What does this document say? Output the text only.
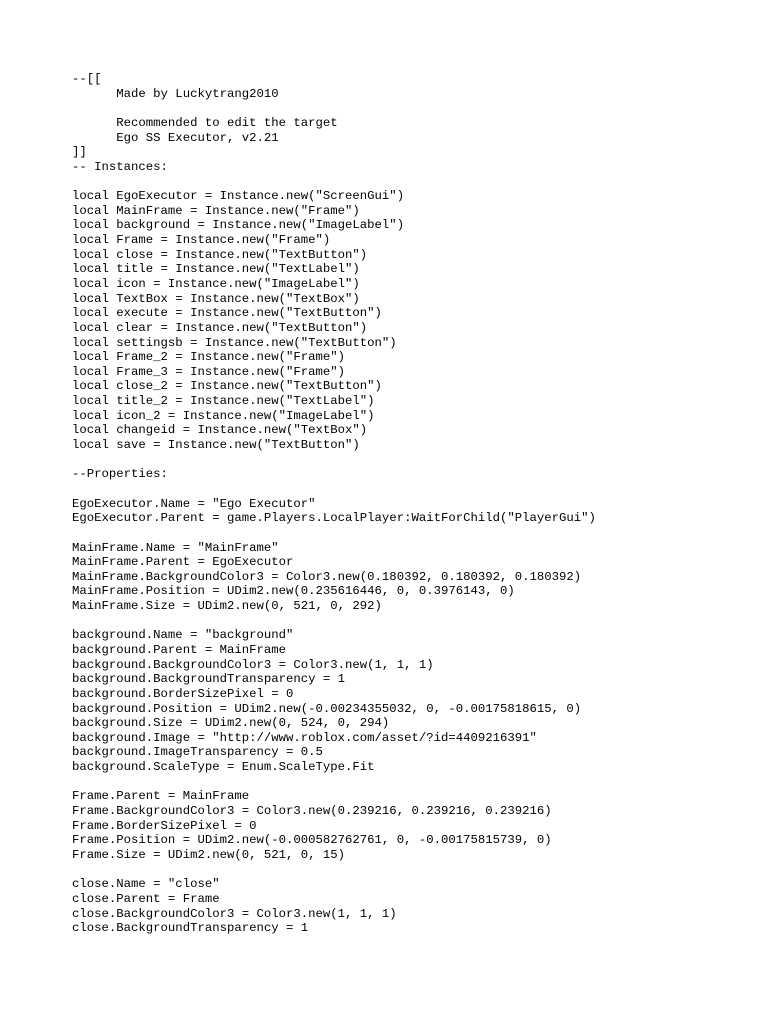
--[[
Made by Luckytrang2010
Recommended to edit the target
Ego SS Executor, v2.21
]]
-- Instances:
local EgoExecutor = Instance.new("ScreenGui")
local MainFrame = Instance.new("Frame")
local background = Instance.new("ImageLabel")
local Frame = Instance.new("Frame")
local close = Instance.new("TextButton")
local title = Instance.new("TextLabel")
local icon = Instance.new("ImageLabel")
local TextBox = Instance.new("TextBox")
local execute = Instance.new("TextButton")
local clear = Instance.new("TextButton")
local settingsb = Instance.new("TextButton")
local Frame_2 = Instance.new("Frame")
local Frame_3 = Instance.new("Frame")
local close_2 = Instance.new("TextButton")
local title_2 = Instance.new("TextLabel")
local icon_2 = Instance.new("ImageLabel")
local changeid = Instance.new("TextBox")
local save = Instance.new("TextButton")
--Properties:
EgoExecutor.Name = "Ego Executor"
EgoExecutor.Parent = game.Players.LocalPlayer:WaitForChild("PlayerGui")
MainFrame.Name = "MainFrame"
MainFrame.Parent = EgoExecutor
MainFrame.BackgroundColor3 = Color3.new(0.180392, 0.180392, 0.180392)
MainFrame.Position = UDim2.new(0.235616446, 0, 0.3976143, 0)
MainFrame.Size = UDim2.new(0, 521, 0, 292)
background.Name = "background"
background.Parent = MainFrame
background.BackgroundColor3 = Color3.new(1, 1, 1)
background.BackgroundTransparency = 1
background.BorderSizePixel = 0
background.Position = UDim2.new(-0.00234355032, 0, -0.00175818615, 0)
background.Size = UDim2.new(0, 524, 0, 294)
background.Image = "http://www.roblox.com/asset/?id=4409216391"
background.ImageTransparency = 0.5
background.ScaleType = Enum.ScaleType.Fit
Frame.Parent = MainFrame
Frame.BackgroundColor3 = Color3.new(0.239216, 0.239216, 0.239216)
Frame.BorderSizePixel = 0
Frame.Position = UDim2.new(-0.000582762761, 0, -0.00175815739, 0)
Frame.Size = UDim2.new(0, 521, 0, 15)
close.Name = "close"
close.Parent = Frame
close.BackgroundColor3 = Color3.new(1, 1, 1)
close.BackgroundTransparency = 1
